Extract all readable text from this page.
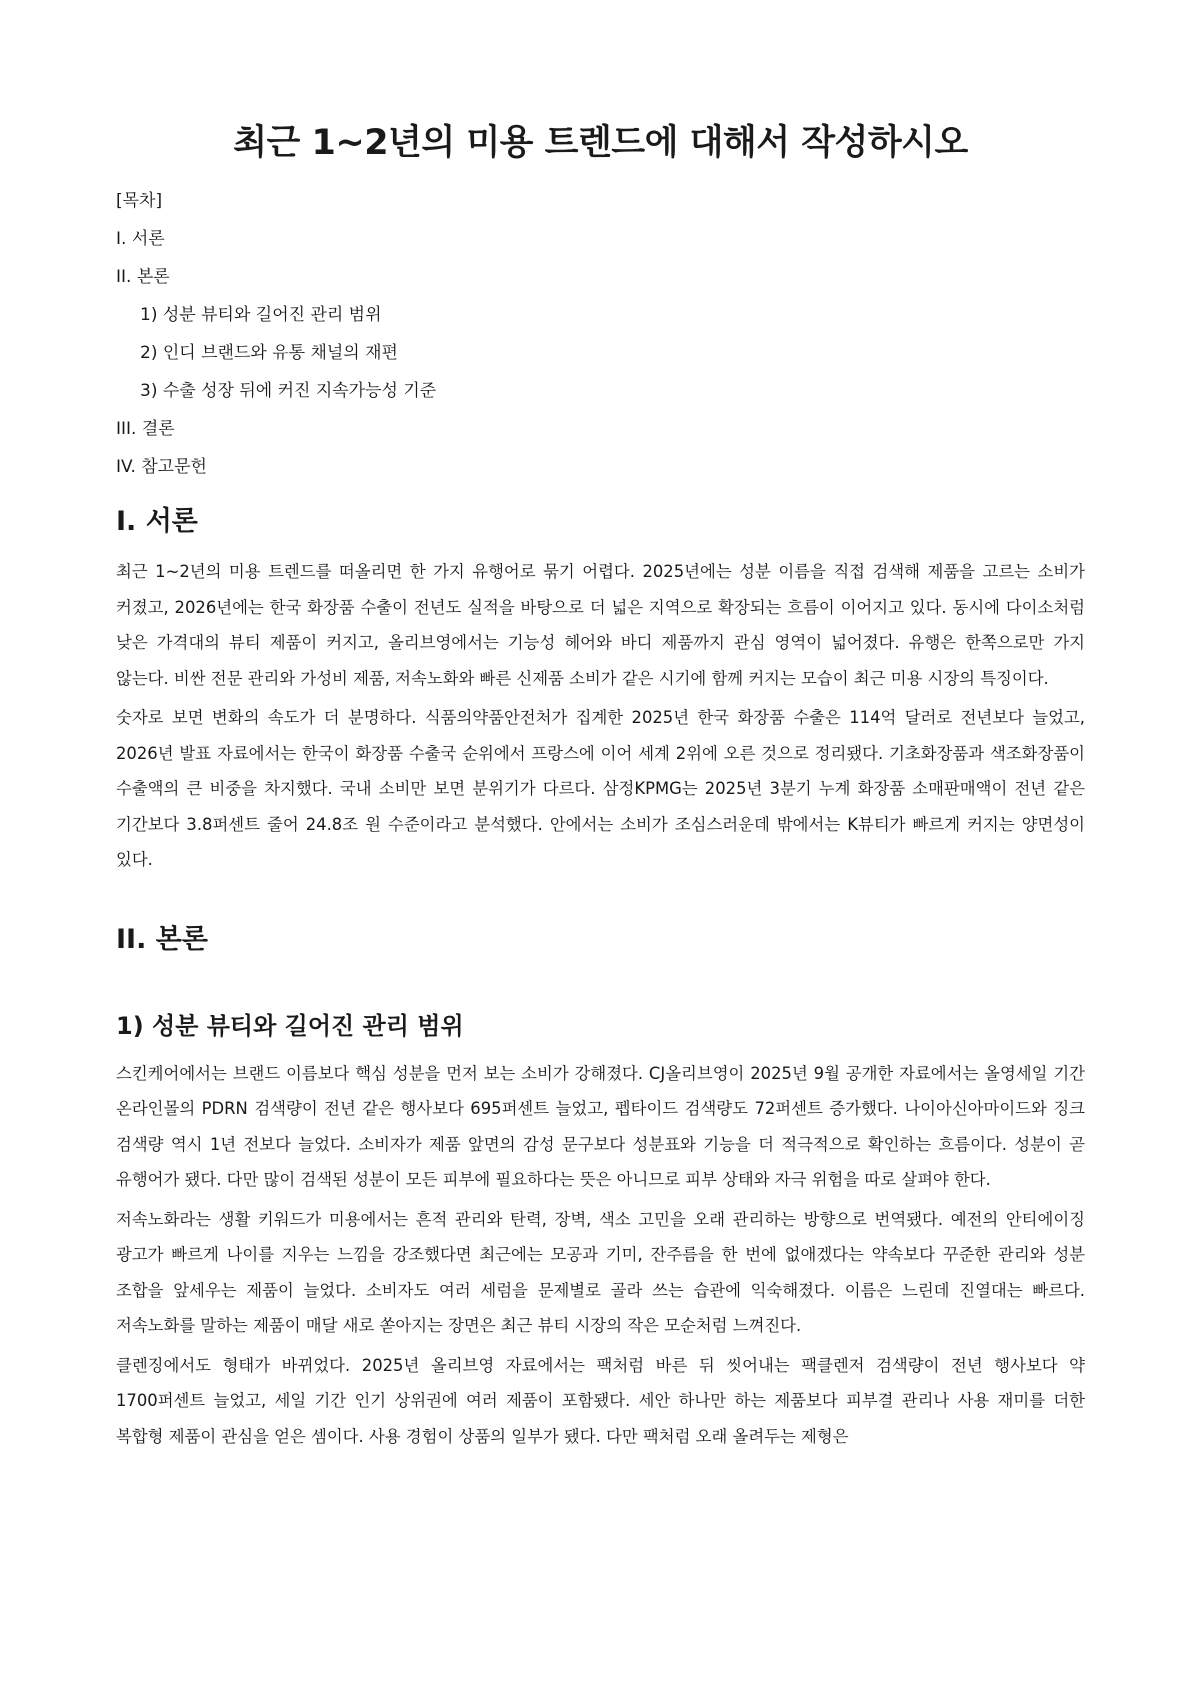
최근 1~2년의 미용 트렌드에 대해서 작성하시오
[목차]
I. 서론
II. 본론
1) 성분 뷰티와 길어진 관리 범위
2) 인디 브랜드와 유통 채널의 재편
3) 수출 성장 뒤에 커진 지속가능성 기준
III. 결론
IV. 참고문헌
I. 서론

최근 1~2년의 미용 트렌드를 떠올리면 한 가지 유행어로 묶기 어렵다. 2025년에는 성분 이름을 직접 검색해 제품을 고르는 소비가 커졌고, 2026년에는 한국 화장품 수출이 전년도 실적을 바탕으로 더 넓은 지역으로 확장되는 흐름이 이어지고 있다. 동시에 다이소처럼 낮은 가격대의 뷰티 제품이 커지고, 올리브영에서는 기능성 헤어와 바디 제품까지 관심 영역이 넓어졌다. 유행은 한쪽으로만 가지 않는다. 비싼 전문 관리와 가성비 제품, 저속노화와 빠른 신제품 소비가 같은 시기에 함께 커지는 모습이 최근 미용 시장의 특징이다.

숫자로 보면 변화의 속도가 더 분명하다. 식품의약품안전처가 집계한 2025년 한국 화장품 수출은 114억 달러로 전년보다 늘었고, 2026년 발표 자료에서는 한국이 화장품 수출국 순위에서 프랑스에 이어 세계 2위에 오른 것으로 정리됐다. 기초화장품과 색조화장품이 수출액의 큰 비중을 차지했다. 국내 소비만 보면 분위기가 다르다. 삼정KPMG는 2025년 3분기 누계 화장품 소매판매액이 전년 같은 기간보다 3.8퍼센트 줄어 24.8조 원 수준이라고 분석했다. 안에서는 소비가 조심스러운데 밖에서는 K뷰티가 빠르게 커지는 양면성이 있다.

II. 본론
1) 성분 뷰티와 길어진 관리 범위

스킨케어에서는 브랜드 이름보다 핵심 성분을 먼저 보는 소비가 강해졌다. CJ올리브영이 2025년 9월 공개한 자료에서는 올영세일 기간 온라인몰의 PDRN 검색량이 전년 같은 행사보다 695퍼센트 늘었고, 펩타이드 검색량도 72퍼센트 증가했다. 나이아신아마이드와 징크 검색량 역시 1년 전보다 늘었다. 소비자가 제품 앞면의 감성 문구보다 성분표와 기능을 더 적극적으로 확인하는 흐름이다. 성분이 곧 유행어가 됐다. 다만 많이 검색된 성분이 모든 피부에 필요하다는 뜻은 아니므로 피부 상태와 자극 위험을 따로 살펴야 한다.

저속노화라는 생활 키워드가 미용에서는 흔적 관리와 탄력, 장벽, 색소 고민을 오래 관리하는 방향으로 번역됐다. 예전의 안티에이징 광고가 빠르게 나이를 지우는 느낌을 강조했다면 최근에는 모공과 기미, 잔주름을 한 번에 없애겠다는 약속보다 꾸준한 관리와 성분 조합을 앞세우는 제품이 늘었다. 소비자도 여러 세럼을 문제별로 골라 쓰는 습관에 익숙해졌다. 이름은 느린데 진열대는 빠르다. 저속노화를 말하는 제품이 매달 새로 쏟아지는 장면은 최근 뷰티 시장의 작은 모순처럼 느껴진다.

클렌징에서도 형태가 바뀌었다. 2025년 올리브영 자료에서는 팩처럼 바른 뒤 씻어내는 팩클렌저 검색량이 전년 행사보다 약 1700퍼센트 늘었고, 세일 기간 인기 상위권에 여러 제품이 포함됐다. 세안 하나만 하는 제품보다 피부결 관리나 사용 재미를 더한 복합형 제품이 관심을 얻은 셈이다. 사용 경험이 상품의 일부가 됐다. 다만 팩처럼 오래 올려두는 제형은
